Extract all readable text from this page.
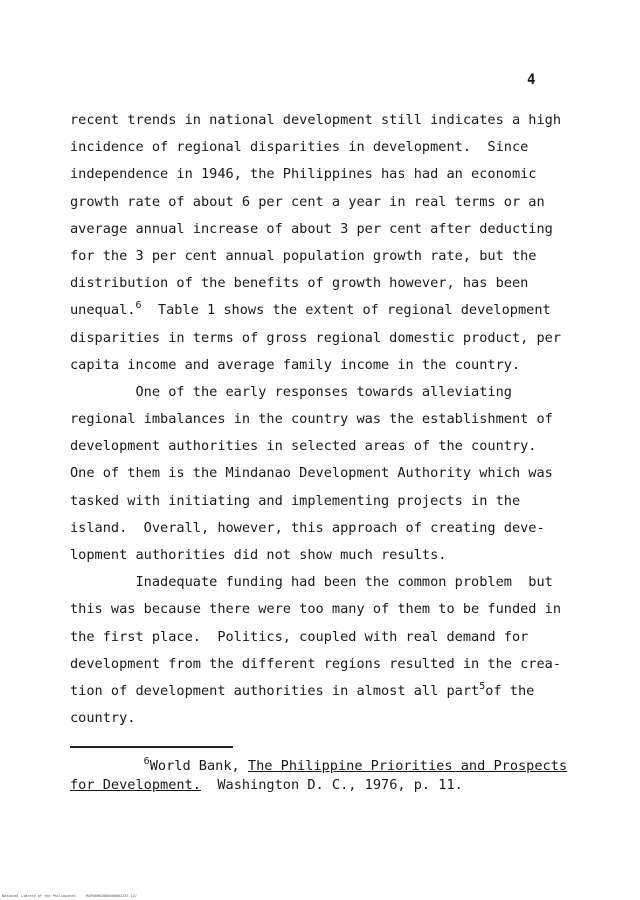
4
recent trends in national development still indicates a high
incidence of regional disparities in development.  Since
independence in 1946, the Philippines has had an economic
growth rate of about 6 per cent a year in real terms or an
average annual increase of about 3 per cent after deducting
for the 3 per cent annual population growth rate, but the
distribution of the benefits of growth however, has been
unequal.$^6$  Table 1 shows the extent of regional development
disparities in terms of gross regional domestic product, per
capita income and average family income in the country.
One of the early responses towards alleviating
regional imbalances in the country was the establishment of
development authorities in selected areas of the country.
One of them is the Mindanao Development Authority which was
tasked with initiating and implementing projects in the
island.  Overall, however, this approach of creating deve-
lopment authorities did not show much results.
Inadequate funding had been the common problem  but
this was because there were too many of them to be funded in
the first place.  Politics, coupled with real demand for
development from the different regions resulted in the crea-
tion of development authorities in almost all part$^5$of the
country.
$^6$World Bank, The Philippine Priorities and Prospects
for Development.  Washington D. C., 1976, p. 11.
National Library of the Philippines     ROP00002000000002257 12/
